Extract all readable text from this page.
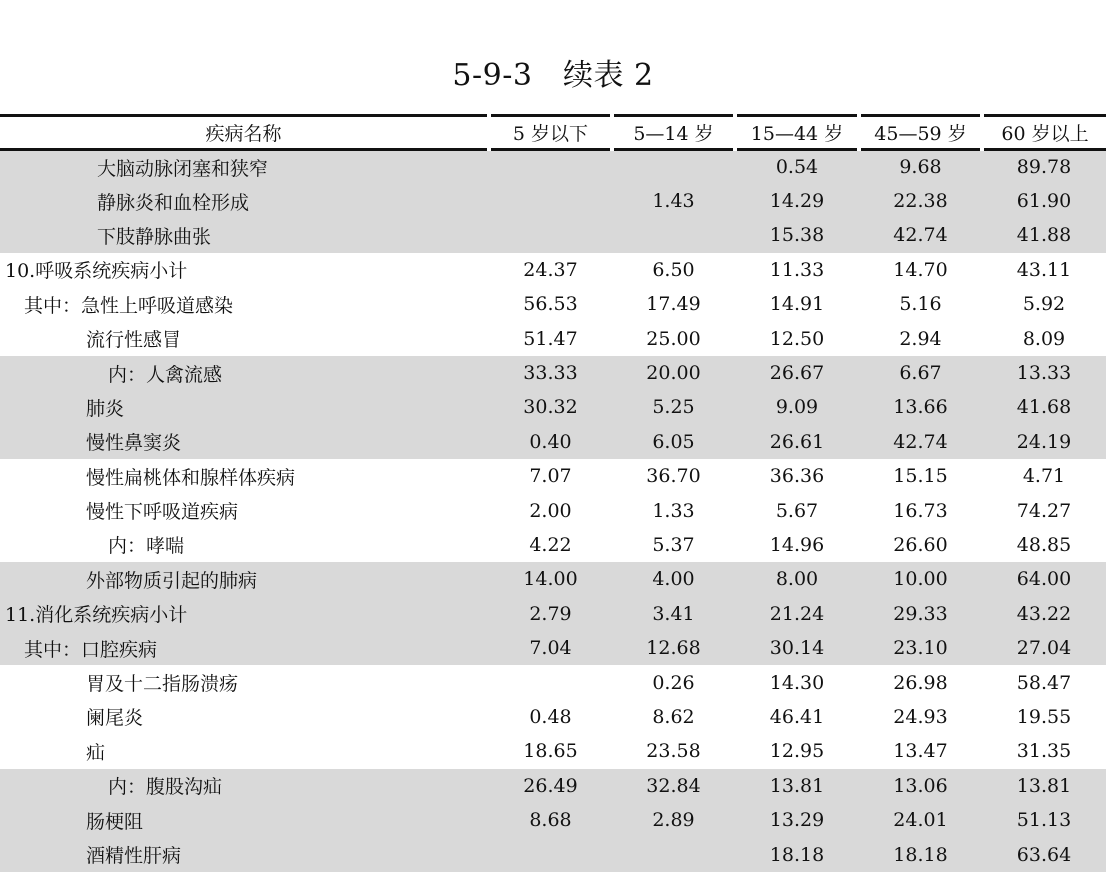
5-9-3　续表 2
疾病名称	5 岁以下	5—14 岁	15—44 岁	45—59 岁	60 岁以上
大脑动脉闭塞和狭窄			0.54	9.68	89.78
静脉炎和血栓形成		1.43	14.29	22.38	61.90
下肢静脉曲张			15.38	42.74	41.88
10.呼吸系统疾病小计	24.37	6.50	11.33	14.70	43.11
其中：急性上呼吸道感染	56.53	17.49	14.91	5.16	5.92
流行性感冒	51.47	25.00	12.50	2.94	8.09
内：人禽流感	33.33	20.00	26.67	6.67	13.33
肺炎	30.32	5.25	9.09	13.66	41.68
慢性鼻窦炎	0.40	6.05	26.61	42.74	24.19
慢性扁桃体和腺样体疾病	7.07	36.70	36.36	15.15	4.71
慢性下呼吸道疾病	2.00	1.33	5.67	16.73	74.27
内：哮喘	4.22	5.37	14.96	26.60	48.85
外部物质引起的肺病	14.00	4.00	8.00	10.00	64.00
11.消化系统疾病小计	2.79	3.41	21.24	29.33	43.22
其中：口腔疾病	7.04	12.68	30.14	23.10	27.04
胃及十二指肠溃疡		0.26	14.30	26.98	58.47
阑尾炎	0.48	8.62	46.41	24.93	19.55
疝	18.65	23.58	12.95	13.47	31.35
内：腹股沟疝	26.49	32.84	13.81	13.06	13.81
肠梗阻	8.68	2.89	13.29	24.01	51.13
酒精性肝病			18.18	18.18	63.64
